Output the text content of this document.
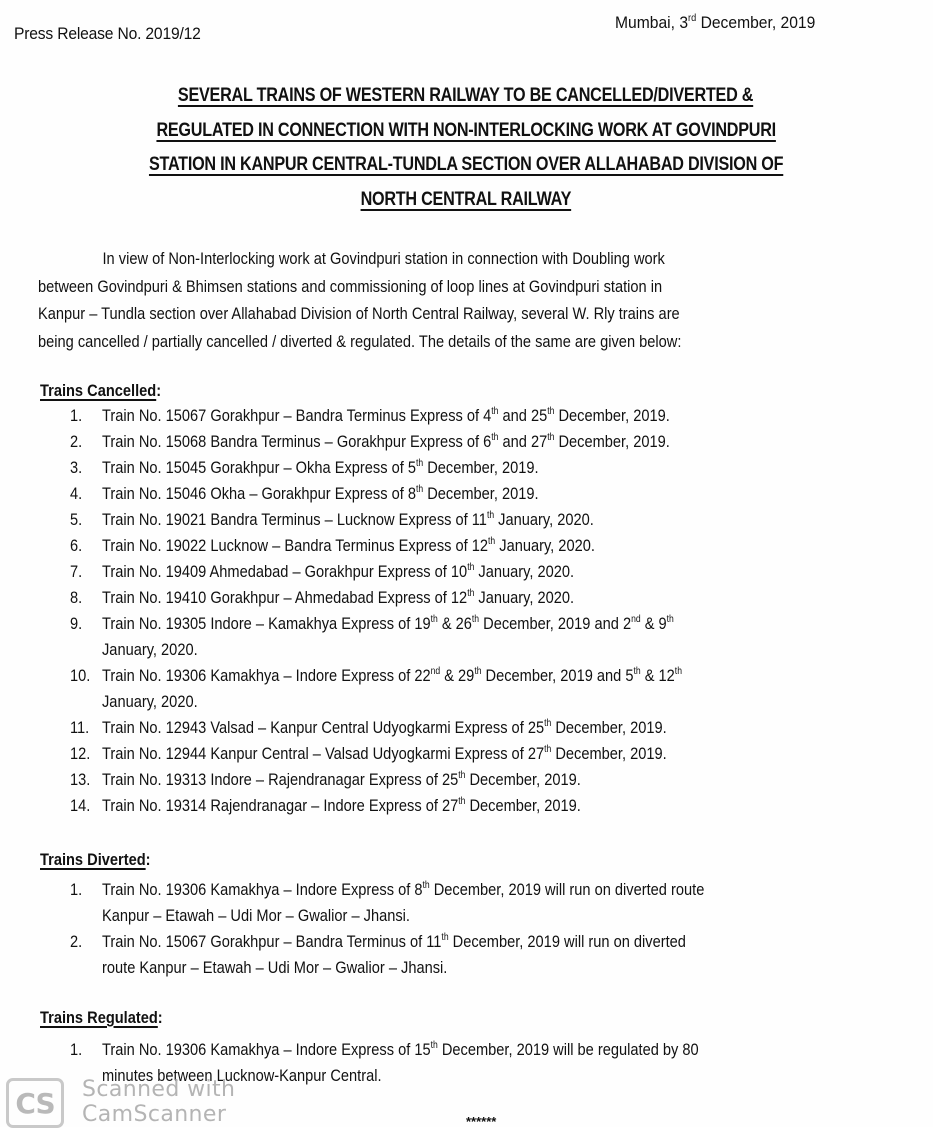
Press Release No. 2019/12
Mumbai, 3rd December, 2019
SEVERAL TRAINS OF WESTERN RAILWAY TO BE CANCELLED/DIVERTED &
REGULATED IN CONNECTION WITH NON-INTERLOCKING WORK AT GOVINDPURI
STATION IN KANPUR CENTRAL-TUNDLA SECTION OVER ALLAHABAD DIVISION OF
NORTH CENTRAL RAILWAY
In view of Non-Interlocking work at Govindpuri station in connection with Doubling work
between Govindpuri & Bhimsen stations and commissioning of loop lines at Govindpuri station in
Kanpur – Tundla section over Allahabad Division of North Central Railway, several W. Rly trains are
being cancelled / partially cancelled / diverted & regulated. The details of the same are given below:
Trains Cancelled:
1. Train No. 15067 Gorakhpur – Bandra Terminus Express of 4th and 25th December, 2019.
2. Train No. 15068 Bandra Terminus – Gorakhpur Express of 6th and 27th December, 2019.
3. Train No. 15045 Gorakhpur – Okha Express of 5th December, 2019.
4. Train No. 15046 Okha – Gorakhpur Express of 8th December, 2019.
5. Train No. 19021 Bandra Terminus – Lucknow Express of 11th January, 2020.
6. Train No. 19022 Lucknow – Bandra Terminus Express of 12th January, 2020.
7. Train No. 19409 Ahmedabad – Gorakhpur Express of 10th January, 2020.
8. Train No. 19410 Gorakhpur – Ahmedabad Express of 12th January, 2020.
9. Train No. 19305 Indore – Kamakhya Express of 19th & 26th December, 2019 and 2nd & 9th
January, 2020.
10. Train No. 19306 Kamakhya – Indore Express of 22nd & 29th December, 2019 and 5th & 12th
January, 2020.
11. Train No. 12943 Valsad – Kanpur Central Udyogkarmi Express of 25th December, 2019.
12. Train No. 12944 Kanpur Central – Valsad Udyogkarmi Express of 27th December, 2019.
13. Train No. 19313 Indore – Rajendranagar Express of 25th December, 2019.
14. Train No. 19314 Rajendranagar – Indore Express of 27th December, 2019.
Trains Diverted:
1. Train No. 19306 Kamakhya – Indore Express of 8th December, 2019 will run on diverted route
Kanpur – Etawah – Udi Mor – Gwalior – Jhansi.
2. Train No. 15067 Gorakhpur – Bandra Terminus of 11th December, 2019 will run on diverted
route Kanpur – Etawah – Udi Mor – Gwalior – Jhansi.
Trains Regulated:
1. Train No. 19306 Kamakhya – Indore Express of 15th December, 2019 will be regulated by 80
minutes between Lucknow-Kanpur Central.
******
CS	Scanned with
CamScanner
